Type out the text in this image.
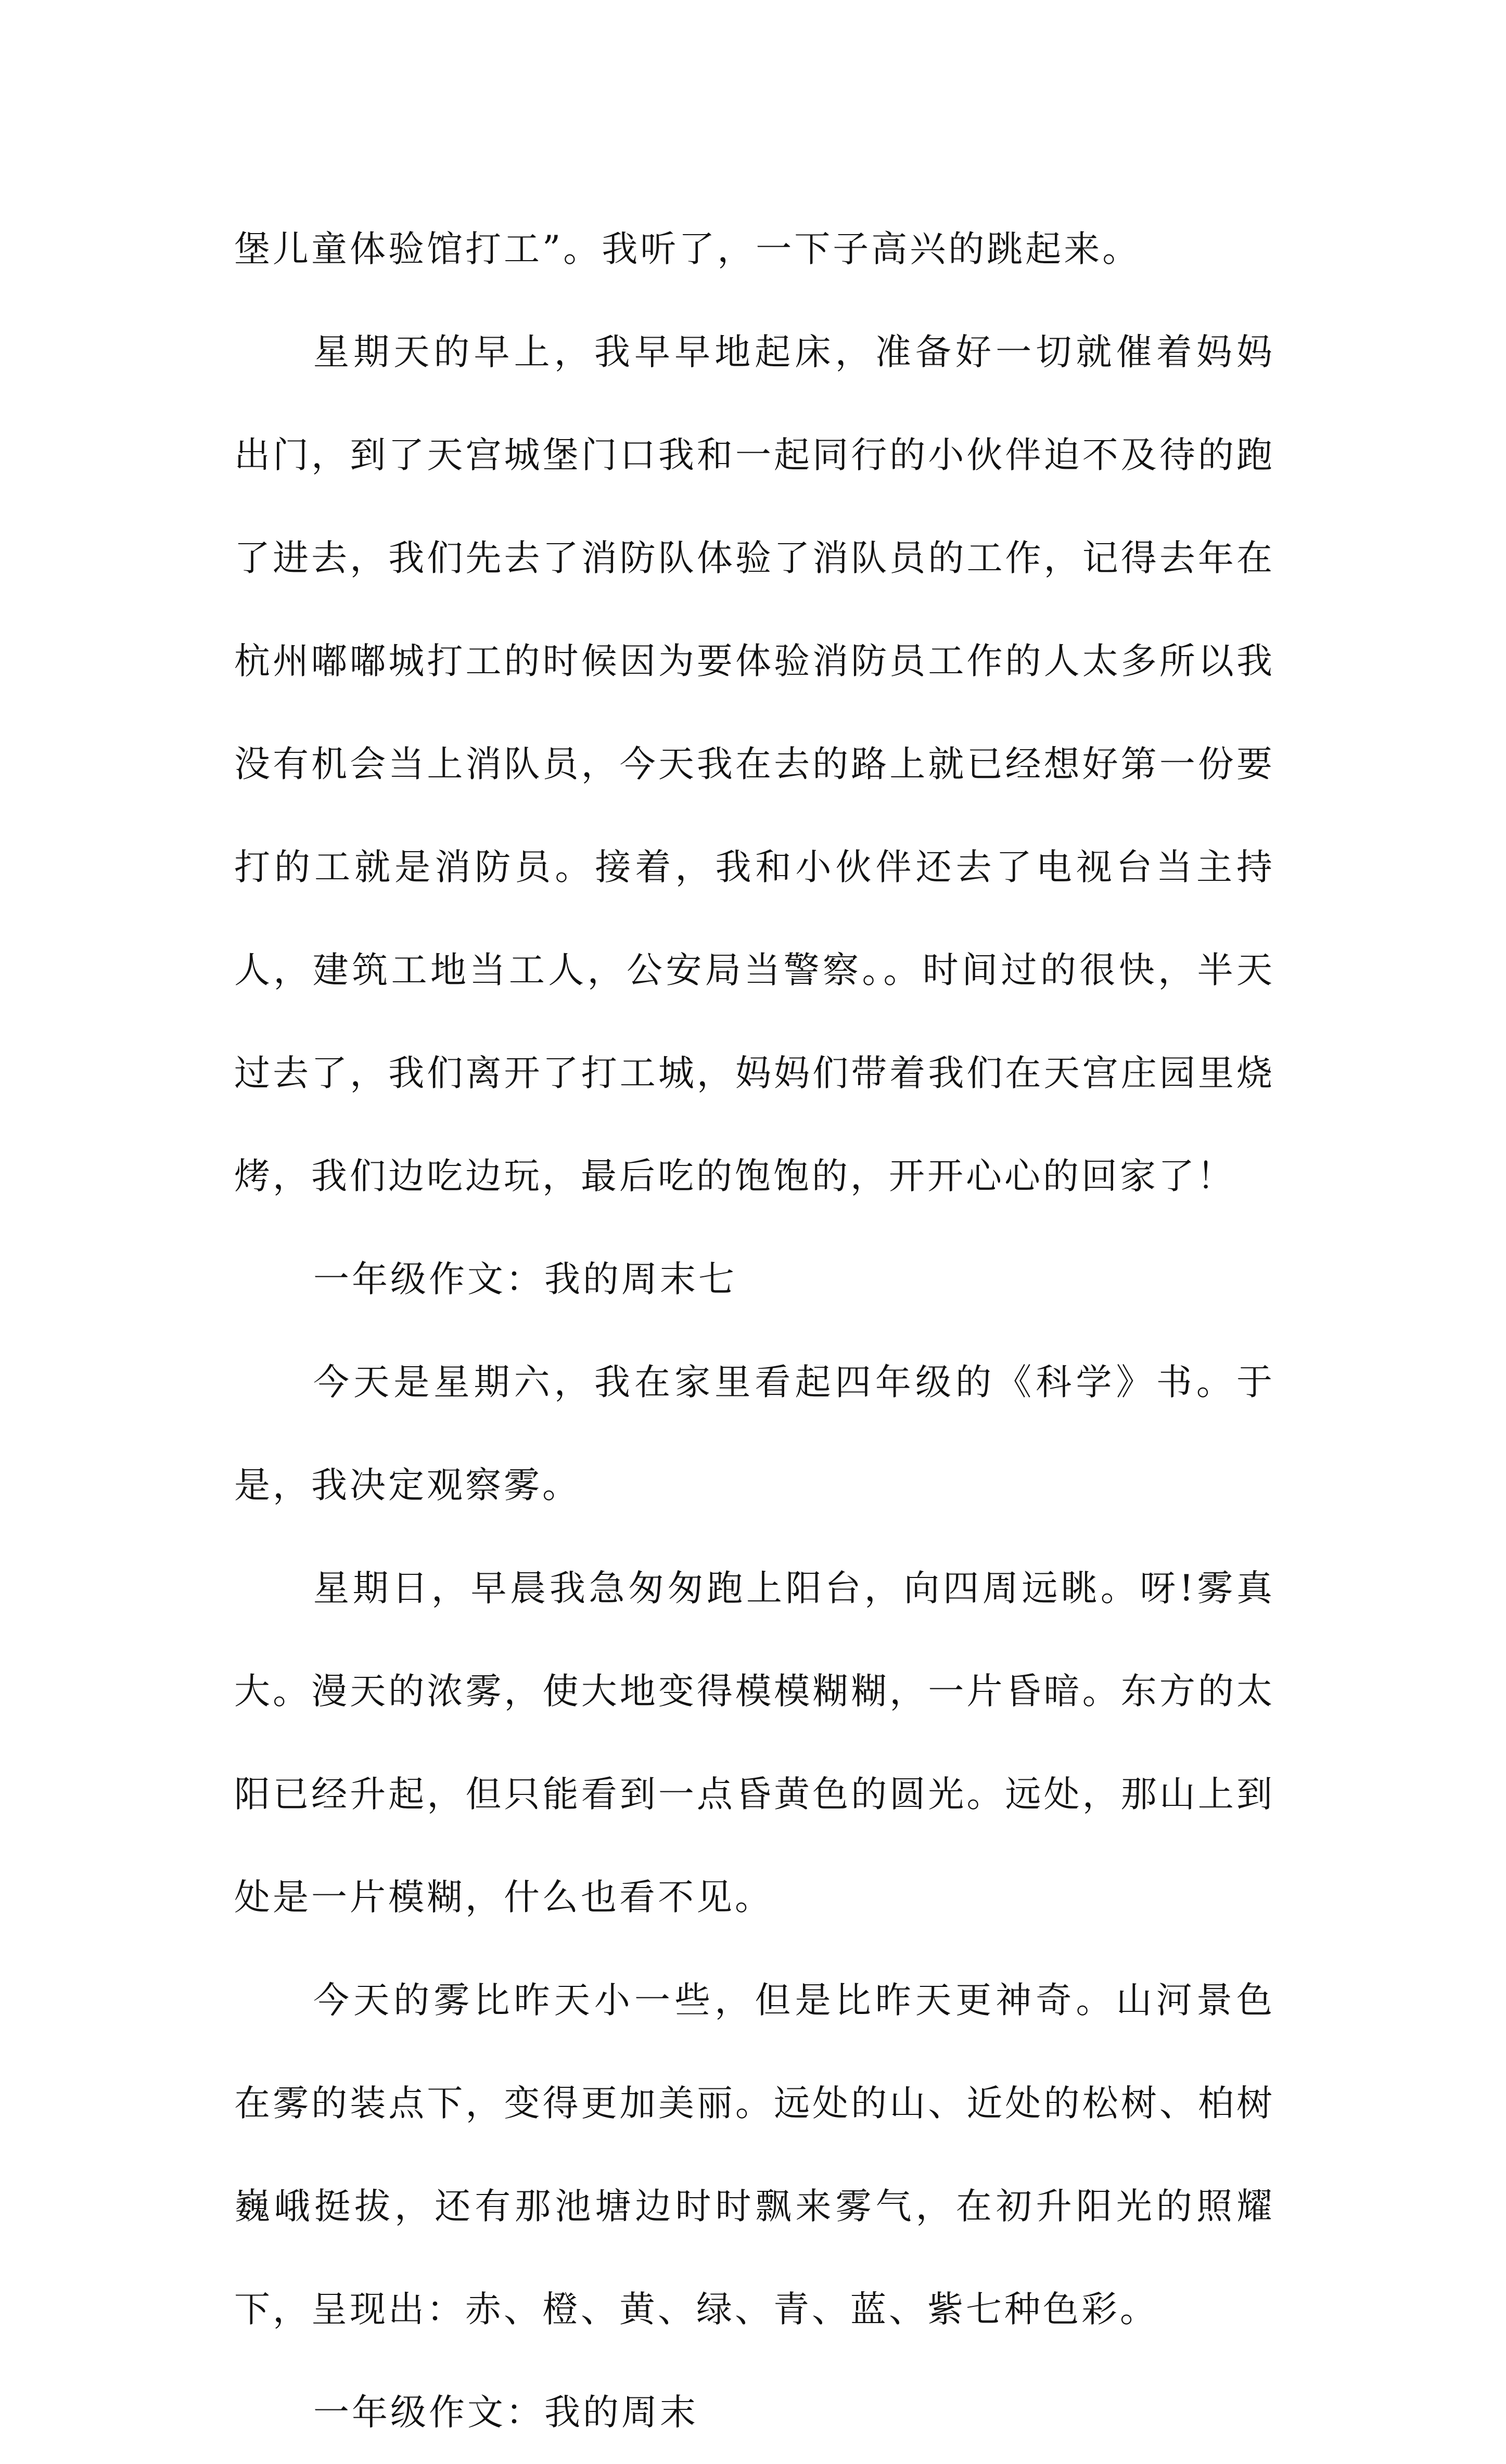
堡儿童体验馆打工”。我听了，一下子高兴的跳起来。

星期天的早上，我早早地起床，准备好一切就催着妈妈出门，到了天宫城堡门口我和一起同行的小伙伴迫不及待的跑了进去，我们先去了消防队体验了消队员的工作，记得去年在杭州嘟嘟城打工的时候因为要体验消防员工作的人太多所以我没有机会当上消队员，今天我在去的路上就已经想好第一份要打的工就是消防员。接着，我和小伙伴还去了电视台当主持人，建筑工地当工人，公安局当警察。。时间过的很快，半天过去了，我们离开了打工城，妈妈们带着我们在天宫庄园里烧烤，我们边吃边玩，最后吃的饱饱的，开开心心的回家了！

一年级作文：我的周末七

今天是星期六，我在家里看起四年级的《科学》书。于是，我决定观察雾。

星期日，早晨我急匆匆跑上阳台，向四周远眺。呀!雾真大。漫天的浓雾，使大地变得模模糊糊，一片昏暗。东方的太阳已经升起，但只能看到一点昏黄色的圆光。远处，那山上到处是一片模糊，什么也看不见。

今天的雾比昨天小一些，但是比昨天更神奇。山河景色在雾的装点下，变得更加美丽。远处的山、近处的松树、柏树巍峨挺拔，还有那池塘边时时飘来雾气，在初升阳光的照耀下，呈现出：赤、橙、黄、绿、青、蓝、紫七种色彩。

一年级作文：我的周末
